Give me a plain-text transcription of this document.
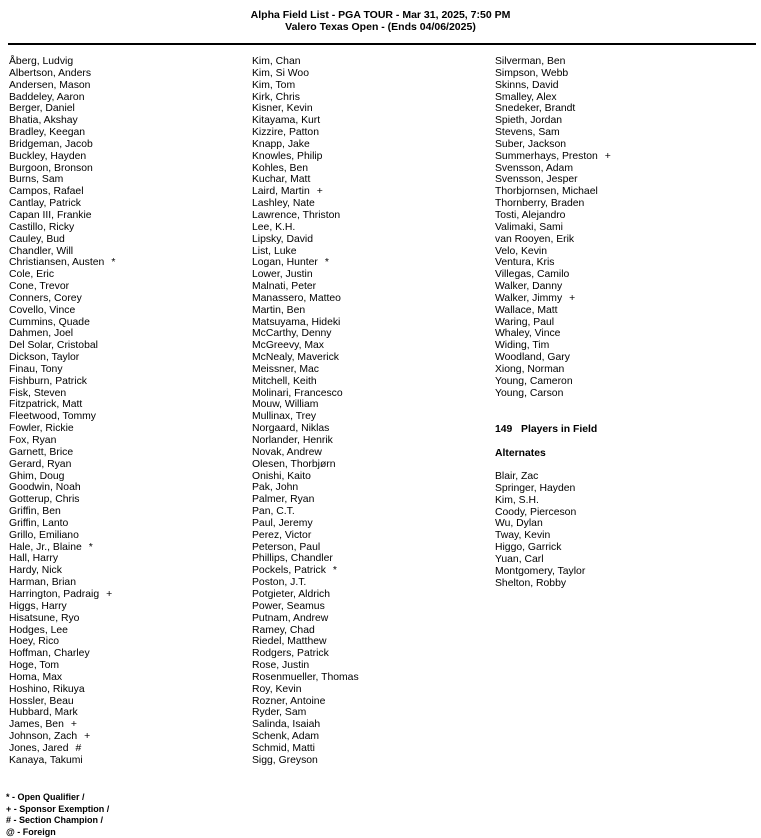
Alpha Field List - PGA TOUR - Mar 31, 2025, 7:50 PM
Valero Texas Open - (Ends 04/06/2025)
Åberg, Ludvig
Albertson, Anders
Andersen, Mason
Baddeley, Aaron
Berger, Daniel
Bhatia, Akshay
Bradley, Keegan
Bridgeman, Jacob
Buckley, Hayden
Burgoon, Bronson
Burns, Sam
Campos, Rafael
Cantlay, Patrick
Capan III, Frankie
Castillo, Ricky
Cauley, Bud
Chandler, Will
Christiansen, Austen *
Cole, Eric
Cone, Trevor
Conners, Corey
Covello, Vince
Cummins, Quade
Dahmen, Joel
Del Solar, Cristobal
Dickson, Taylor
Finau, Tony
Fishburn, Patrick
Fisk, Steven
Fitzpatrick, Matt
Fleetwood, Tommy
Fowler, Rickie
Fox, Ryan
Garnett, Brice
Gerard, Ryan
Ghim, Doug
Goodwin, Noah
Gotterup, Chris
Griffin, Ben
Griffin, Lanto
Grillo, Emiliano
Hale, Jr., Blaine *
Hall, Harry
Hardy, Nick
Harman, Brian
Harrington, Padraig +
Higgs, Harry
Hisatsune, Ryo
Hodges, Lee
Hoey, Rico
Hoffman, Charley
Hoge, Tom
Homa, Max
Hoshino, Rikuya
Hossler, Beau
Hubbard, Mark
James, Ben +
Johnson, Zach +
Jones, Jared #
Kanaya, Takumi
Kim, Chan
Kim, Si Woo
Kim, Tom
Kirk, Chris
Kisner, Kevin
Kitayama, Kurt
Kizzire, Patton
Knapp, Jake
Knowles, Philip
Kohles, Ben
Kuchar, Matt
Laird, Martin +
Lashley, Nate
Lawrence, Thriston
Lee, K.H.
Lipsky, David
List, Luke
Logan, Hunter *
Lower, Justin
Malnati, Peter
Manassero, Matteo
Martin, Ben
Matsuyama, Hideki
McCarthy, Denny
McGreevy, Max
McNealy, Maverick
Meissner, Mac
Mitchell, Keith
Molinari, Francesco
Mouw, William
Mullinax, Trey
Norgaard, Niklas
Norlander, Henrik
Novak, Andrew
Olesen, Thorbjørn
Onishi, Kaito
Pak, John
Palmer, Ryan
Pan, C.T.
Paul, Jeremy
Perez, Victor
Peterson, Paul
Phillips, Chandler
Pockels, Patrick *
Poston, J.T.
Potgieter, Aldrich
Power, Seamus
Putnam, Andrew
Ramey, Chad
Riedel, Matthew
Rodgers, Patrick
Rose, Justin
Rosenmueller, Thomas
Roy, Kevin
Rozner, Antoine
Ryder, Sam
Salinda, Isaiah
Schenk, Adam
Schmid, Matti
Sigg, Greyson
Silverman, Ben
Simpson, Webb
Skinns, David
Smalley, Alex
Snedeker, Brandt
Spieth, Jordan
Stevens, Sam
Suber, Jackson
Summerhays, Preston +
Svensson, Adam
Svensson, Jesper
Thorbjornsen, Michael
Thornberry, Braden
Tosti, Alejandro
Valimaki, Sami
van Rooyen, Erik
Velo, Kevin
Ventura, Kris
Villegas, Camilo
Walker, Danny
Walker, Jimmy +
Wallace, Matt
Waring, Paul
Whaley, Vince
Widing, Tim
Woodland, Gary
Xiong, Norman
Young, Cameron
Young, Carson
149 Players in Field
Alternates
Blair, Zac
Springer, Hayden
Kim, S.H.
Coody, Pierceson
Wu, Dylan
Tway, Kevin
Higgo, Garrick
Yuan, Carl
Montgomery, Taylor
Shelton, Robby
* - Open Qualifier /
+ - Sponsor Exemption /
# - Section Champion /
@ - Foreign
